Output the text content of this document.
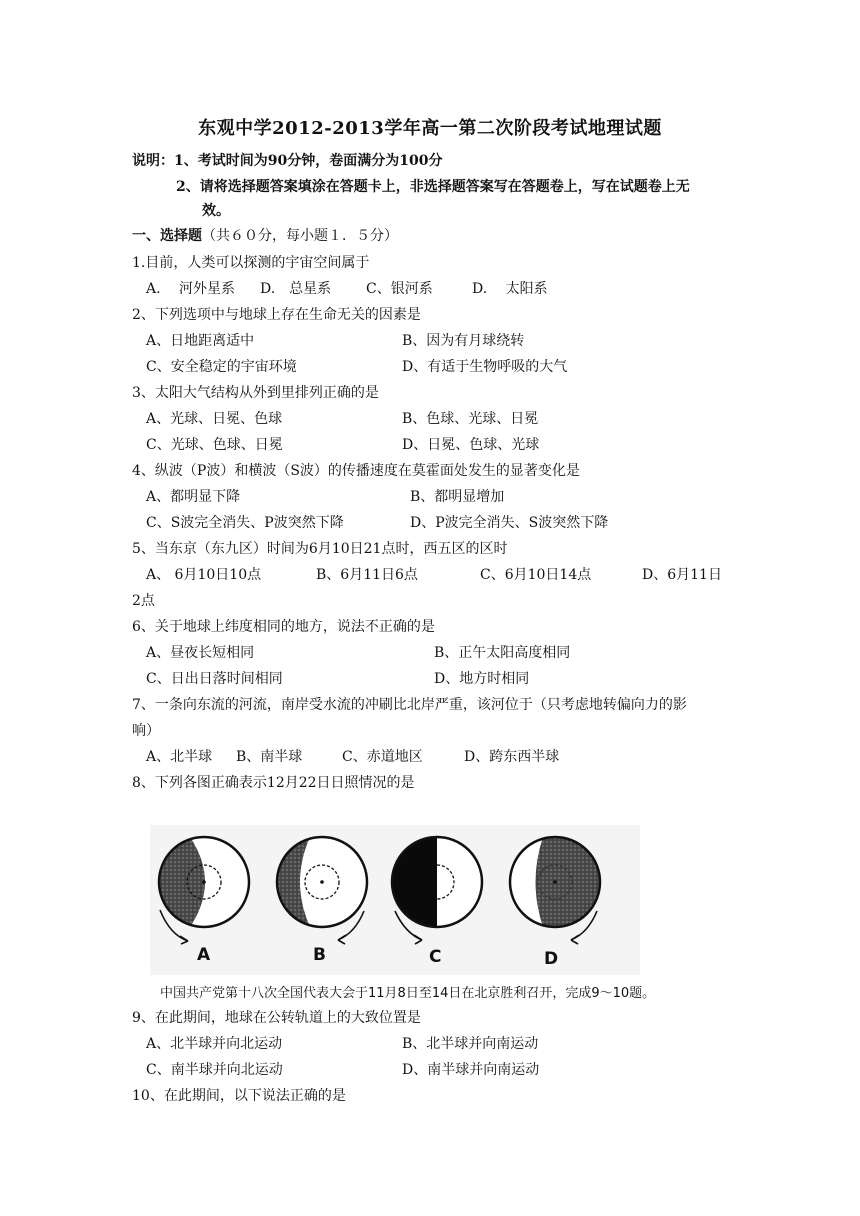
东观中学2012-2013学年高一第二次阶段考试地理试题
说明：1、考试时间为90分钟，卷面满分为100分
2、请将选择题答案填涂在答题卡上，非选择题答案写在答题卷上，写在试题卷上无
效。
一、选择题（共６０分，每小题１．５分）
1.目前，人类可以探测的宇宙空间属于
A.　 河外星系 D.　总星系 C、银河系	D.　 太阳系
2、下列选项中与地球上存在生命无关的因素是
A、日地距离适中	B、因为有月球绕转
C、安全稳定的宇宙环境	D、有适于生物呼吸的大气
3、太阳大气结构从外到里排列正确的是
A、光球、日冕、色球	B、色球、光球、日冕
C、光球、色球、日冕	D、日冕、色球、光球
4、纵波（P波）和横波（S波）的传播速度在莫霍面处发生的显著变化是
A、都明显下降	B、都明显增加
C、S波完全消失、P波突然下降	D、P波完全消失、S波突然下降
5、当东京（东九区）时间为6月10日21点时，西五区的区时
A、 6月10日10点	B、6月11日6点	C、6月10日14点	D、6月11日
2点
6、关于地球上纬度相同的地方，说法不正确的是
A、昼夜长短相同	B、正午太阳高度相同
C、日出日落时间相同	D、地方时相同
7、一条向东流的河流，南岸受水流的冲刷比北岸严重，该河位于（只考虑地转偏向力的影
响）
A、北半球 B、南半球	C、赤道地区	D、跨东西半球
8、下列各图正确表示12月22日日照情况的是
A	B	C	D
中国共产党第十八次全国代表大会于11月8日至14日在北京胜利召开，完成9～10题。
9、在此期间，地球在公转轨道上的大致位置是
A、北半球并向北运动	B、北半球并向南运动
C、南半球并向北运动	D、南半球并向南运动
10、在此期间，以下说法正确的是
